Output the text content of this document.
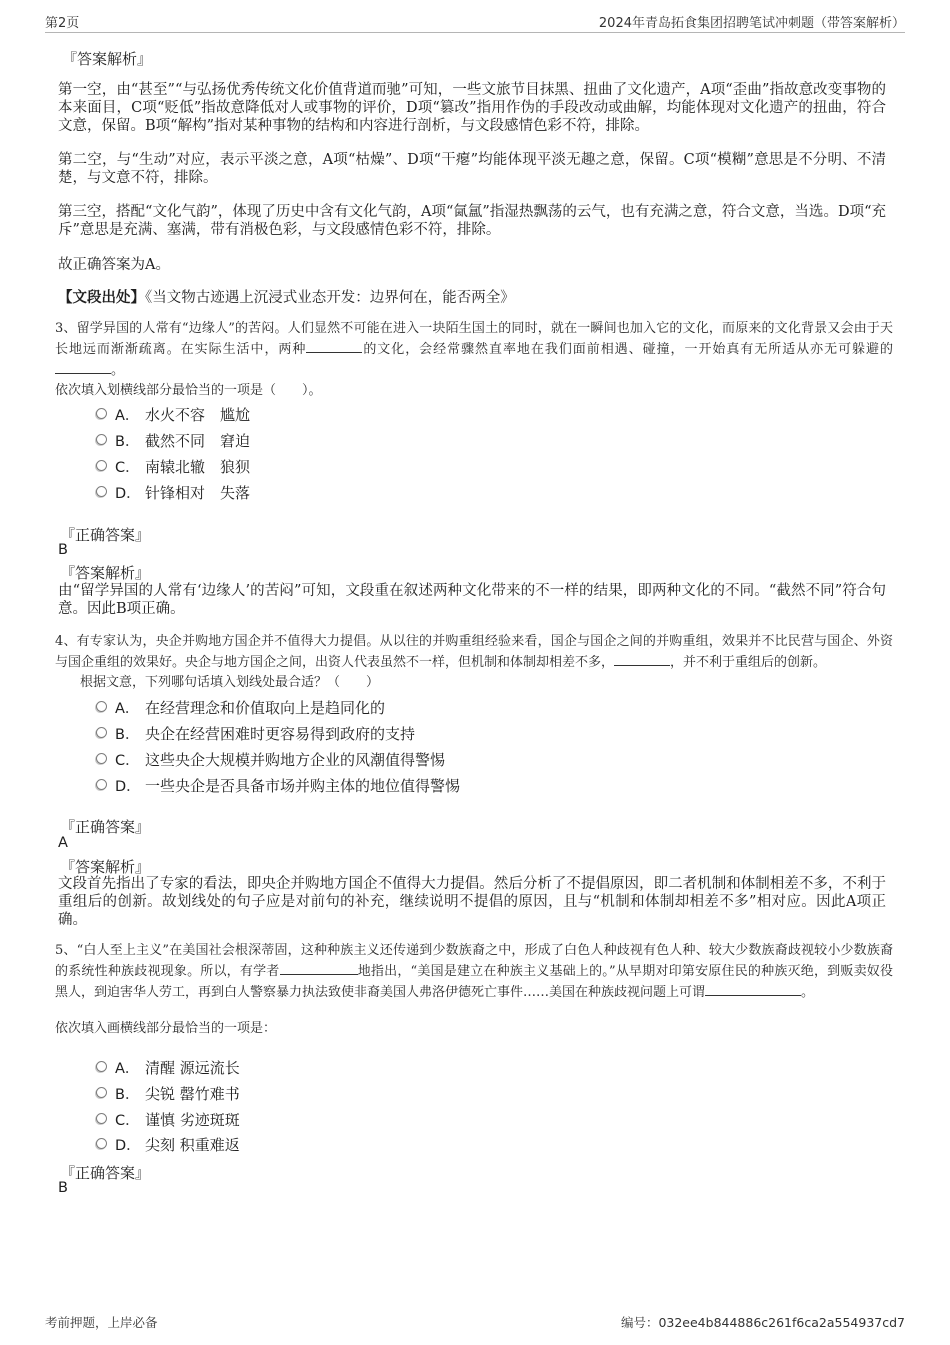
第2页	2024年青岛拓食集团招聘笔试冲刺题（带答案解析）
『答案解析』
第一空，由“甚至”“与弘扬优秀传统文化价值背道而驰”可知，一些文旅节目抹黑、扭曲了文化遗产，A项“歪曲”指故意改变事物的本来面目，C项“贬低”指故意降低对人或事物的评价，D项“篡改”指用作伪的手段改动或曲解，均能体现对文化遗产的扭曲，符合文意，保留。B项“解构”指对某种事物的结构和内容进行剖析，与文段感情色彩不符，排除。
第二空，与“生动”对应，表示平淡之意，A项“枯燥”、D项“干瘪”均能体现平淡无趣之意，保留。C项“模糊”意思是不分明、不清楚，与文意不符，排除。
第三空，搭配“文化气韵”，体现了历史中含有文化气韵，A项“氤氲”指湿热飘荡的云气，也有充满之意，符合文意，当选。D项“充斥”意思是充满、塞满，带有消极色彩，与文段感情色彩不符，排除。
故正确答案为A。
【文段出处】《当文物古迹遇上沉浸式业态开发：边界何在，能否两全》
3、留学异国的人常有“边缘人”的苦闷。人们显然不可能在进入一块陌生国土的同时，就在一瞬间也加入它的文化，而原来的文化背景又会由于天长地远而渐渐疏离。在实际生活中，两种	的文化，会经常骤然直率地在我们面前相遇、碰撞，一开始真有无所适从亦无可躲避的。
依次填入划横线部分最恰当的一项是（　　）。
A． 水火不容　尴尬
B． 截然不同　窘迫
C． 南辕北辙　狼狈
D． 针锋相对　失落
『正确答案』
B
『答案解析』
由“留学异国的人常有‘边缘人’的苦闷”可知，文段重在叙述两种文化带来的不一样的结果，即两种文化的不同。“截然不同”符合句意。因此B项正确。
4、有专家认为，央企并购地方国企并不值得大力提倡。从以往的并购重组经验来看，国企与国企之间的并购重组，效果并不比民营与国企、外资与国企重组的效果好。央企与地方国企之间，出资人代表虽然不一样，但机制和体制却相差不多，	，并不利于重组后的创新。
根据文意，下列哪句话填入划线处最合适？（　　）
A． 在经营理念和价值取向上是趋同化的
B． 央企在经营困难时更容易得到政府的支持
C． 这些央企大规模并购地方企业的风潮值得警惕
D． 一些央企是否具备市场并购主体的地位值得警惕
『正确答案』
A
『答案解析』
文段首先指出了专家的看法，即央企并购地方国企不值得大力提倡。然后分析了不提倡原因，即二者机制和体制相差不多，不利于重组后的创新。故划线处的句子应是对前句的补充，继续说明不提倡的原因，且与“机制和体制却相差不多”相对应。因此A项正确。
5、“白人至上主义”在美国社会根深蒂固，这种种族主义还传递到少数族裔之中，形成了白色人种歧视有色人种、较大少数族裔歧视较小少数族裔的系统性种族歧视现象。所以，有学者	地指出，“美国是建立在种族主义基础上的。”从早期对印第安原住民的种族灭绝，到贩卖奴役黑人，到迫害华人劳工，再到白人警察暴力执法致使非裔美国人弗洛伊德死亡事件……美国在种族歧视问题上可谓	。
依次填入画横线部分最恰当的一项是：
A． 清醒 源远流长
B． 尖锐 罄竹难书
C． 谨慎 劣迹斑斑
D． 尖刻 积重难返
『正确答案』
B
考前押题，上岸必备	编号：032ee4b844886c261f6ca2a554937cd7
